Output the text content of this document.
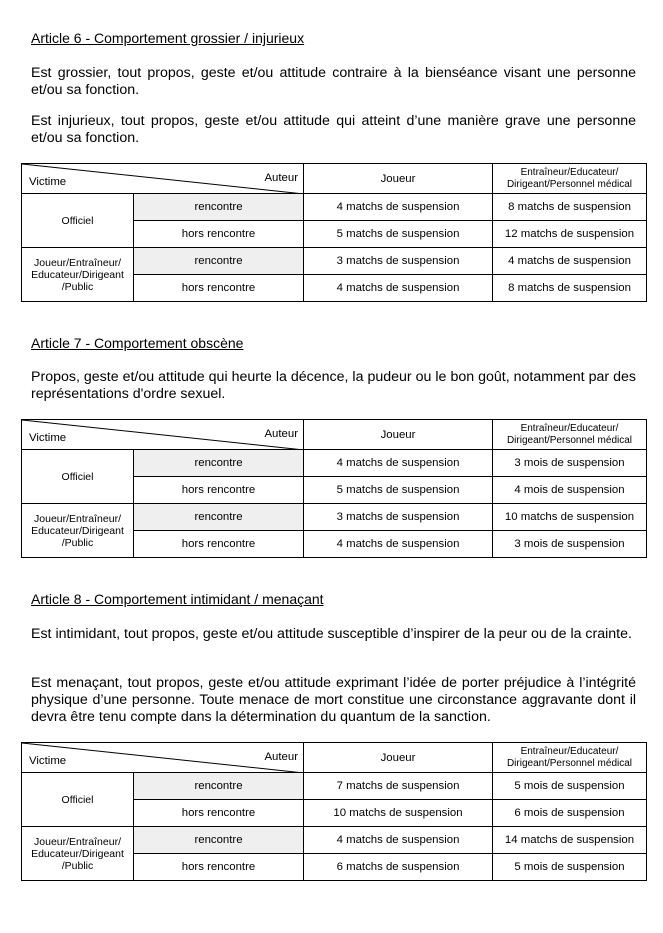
Article 6 - Comportement grossier / injurieux
Est grossier, tout propos, geste et/ou attitude contraire à la bienséance visant une personne et/ou sa fonction.
Est injurieux, tout propos, geste et/ou attitude qui atteint d’une manière grave une personne et/ou sa fonction.
Victime Auteur		Joueur	Entraîneur/Educateur/ Dirigeant/Personnel médical
Officiel	rencontre	4 matchs de suspension	8 matchs de suspension
	hors rencontre	5 matchs de suspension	12 matchs de suspension
Joueur/Entraîneur/ Educateur/Dirigeant /Public	rencontre	3 matchs de suspension	4 matchs de suspension
	hors rencontre	4 matchs de suspension	8 matchs de suspension
Article 7 - Comportement obscène
Propos, geste et/ou attitude qui heurte la décence, la pudeur ou le bon goût, notamment par des représentations d'ordre sexuel.
Victime Auteur		Joueur	Entraîneur/Educateur/ Dirigeant/Personnel médical
Officiel	rencontre	4 matchs de suspension	3 mois de suspension
	hors rencontre	5 matchs de suspension	4 mois de suspension
Joueur/Entraîneur/ Educateur/Dirigeant /Public	rencontre	3 matchs de suspension	10 matchs de suspension
	hors rencontre	4 matchs de suspension	3 mois de suspension
Article 8 - Comportement intimidant / menaçant
Est intimidant, tout propos, geste et/ou attitude susceptible d’inspirer de la peur ou de la crainte.
Est menaçant, tout propos, geste et/ou attitude exprimant l’idée de porter préjudice à l’intégrité physique d’une personne. Toute menace de mort constitue une circonstance aggravante dont il devra être tenu compte dans la détermination du quantum de la sanction.
Victime Auteur		Joueur	Entraîneur/Educateur/ Dirigeant/Personnel médical
Officiel	rencontre	7 matchs de suspension	5 mois de suspension
	hors rencontre	10 matchs de suspension	6 mois de suspension
Joueur/Entraîneur/ Educateur/Dirigeant /Public	rencontre	4 matchs de suspension	14 matchs de suspension
	hors rencontre	6 matchs de suspension	5 mois de suspension
